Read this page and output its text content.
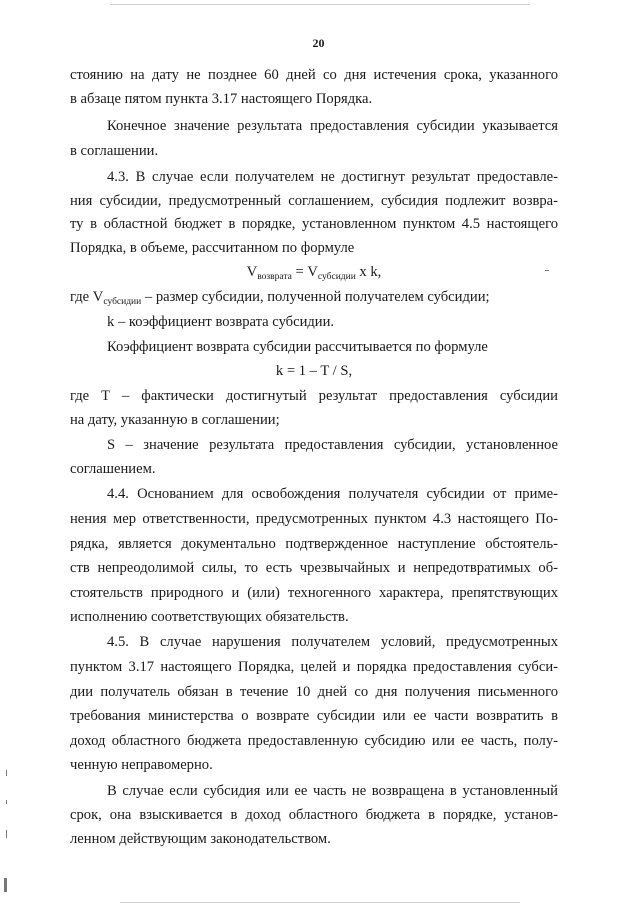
20

стоянию на дату не позднее 60 дней со дня истечения срока, указанного

в абзаце пятом пункта 3.17 настоящего Порядка.

Конечное значение результата предоставления субсидии указывается

в соглашении.

4.3. В случае если получателем не достигнут результат предоставле-

ния субсидии, предусмотренный соглашением, субсидия подлежит возвра-

ту в областной бюджет в порядке, установленном пунктом 4.5 настоящего

Порядка, в объеме, рассчитанном по формуле

$V_{возврата} = V_{субсидии}$ x k,

где $V_{субсидии}$ – размер субсидии, полученной получателем субсидии;

k – коэффициент возврата субсидии.

Коэффициент возврата субсидии рассчитывается по формуле

k = 1 – T / S,

где Т – фактически достигнутый результат предоставления субсидии

на дату, указанную в соглашении;

S – значение результата предоставления субсидии, установленное

соглашением.

4.4. Основанием для освобождения получателя субсидии от приме-

нения мер ответственности, предусмотренных пунктом 4.3 настоящего По-

рядка, является документально подтвержденное наступление обстоятель-

ств непреодолимой силы, то есть чрезвычайных и непредотвратимых об-

стоятельств природного и (или) техногенного характера, препятствующих

исполнению соответствующих обязательств.

4.5. В случае нарушения получателем условий, предусмотренных

пунктом 3.17 настоящего Порядка, целей и порядка предоставления субси-

дии получатель обязан в течение 10 дней со дня получения письменного

требования министерства о возврате субсидии или ее части возвратить в

доход областного бюджета предоставленную субсидию или ее часть, полу-

ченную неправомерно.

В случае если субсидия или ее часть не возвращена в установленный

срок, она взыскивается в доход областного бюджета в порядке, установ-

ленном действующим законодательством.
